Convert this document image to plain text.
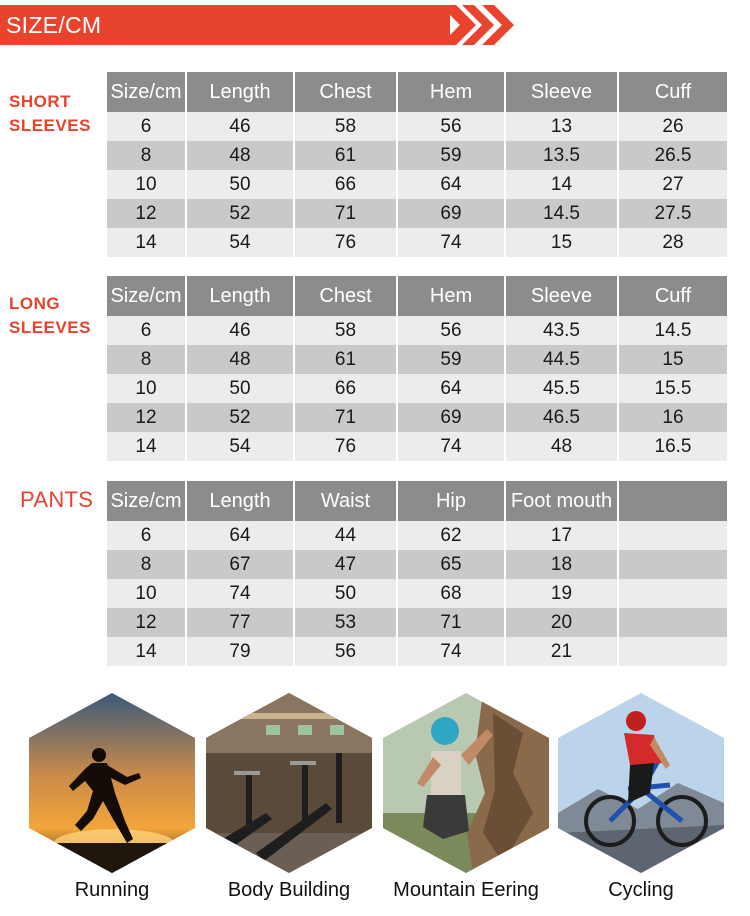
SIZE/CM
SHORT
SLEEVES
LONG
SLEEVES
PANTS
Size/cm	Length	Chest	Hem	Sleeve	Cuff
6	46	58	56	13	26
8	48	61	59	13.5	26.5
10	50	66	64	14	27
12	52	71	69	14.5	27.5
14	54	76	74	15	28
Size/cm	Length	Chest	Hem	Sleeve	Cuff
6	46	58	56	43.5	14.5
8	48	61	59	44.5	15
10	50	66	64	45.5	15.5
12	52	71	69	46.5	16
14	54	76	74	48	16.5
Size/cm	Length	Waist	Hip	Foot mouth	
6	64	44	62	17	
8	67	47	65	18	
10	74	50	68	19	
12	77	53	71	20	
14	79	56	74	21	
Running	Body Building	Mountain Eering	Cycling
